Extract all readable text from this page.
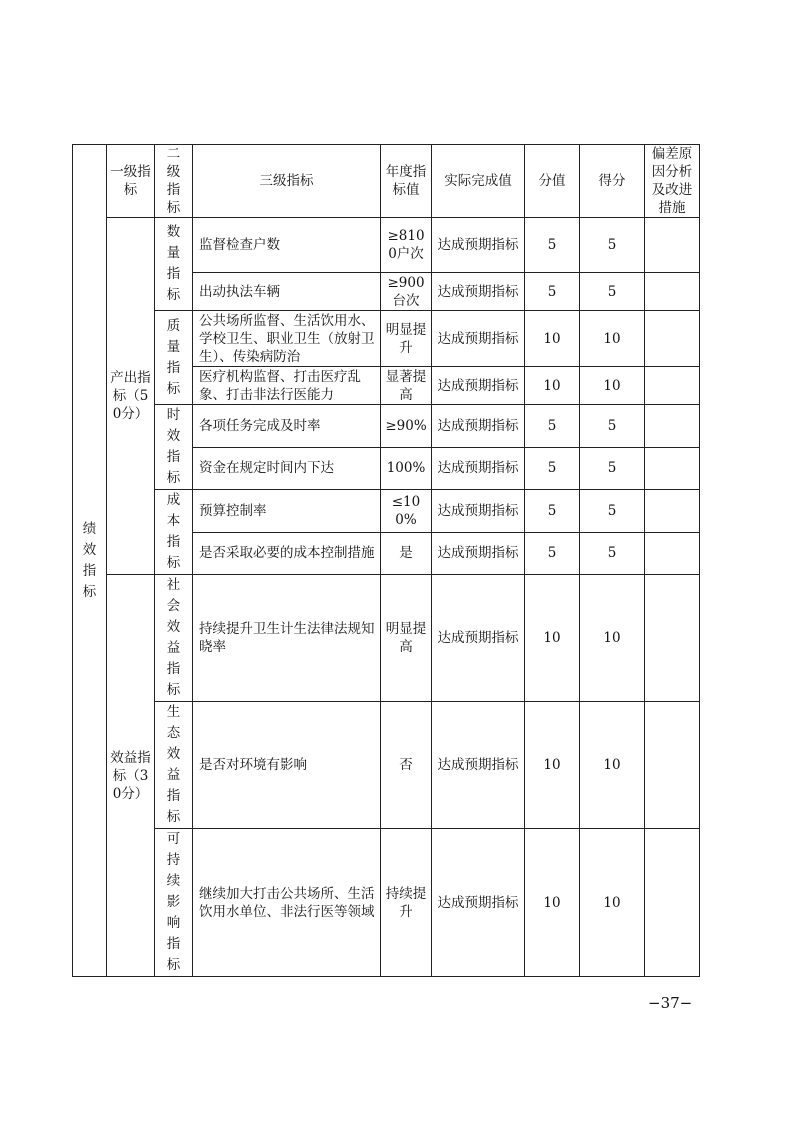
绩效指标	一级指标	二级指标	三级指标	年度指标值	实际完成值	分值	得分	偏差原因分析及改进措施
	产出指标（50分）	数量指标	监督检查户数	≥8100户次	达成预期指标	5	5	
			出动执法车辆	≥900台次	达成预期指标	5	5	
		质量指标	公共场所监督、生活饮用水、学校卫生、职业卫生（放射卫生）、传染病防治	明显提升	达成预期指标	10	10	
			医疗机构监督、打击医疗乱象、打击非法行医能力	显著提高	达成预期指标	10	10	
		时效指标	各项任务完成及时率	≥90%	达成预期指标	5	5	
			资金在规定时间内下达	100%	达成预期指标	5	5	
		成本指标	预算控制率	≤100%	达成预期指标	5	5	
			是否采取必要的成本控制措施	是	达成预期指标	5	5	
	效益指标（30分）	社会效益指标	持续提升卫生计生法律法规知晓率	明显提高	达成预期指标	10	10	
		生态效益指标	是否对环境有影响	否	达成预期指标	10	10	
		可持续影响指标	继续加大打击公共场所、生活饮用水单位、非法行医等领域	持续提升	达成预期指标	10	10	
−37−
